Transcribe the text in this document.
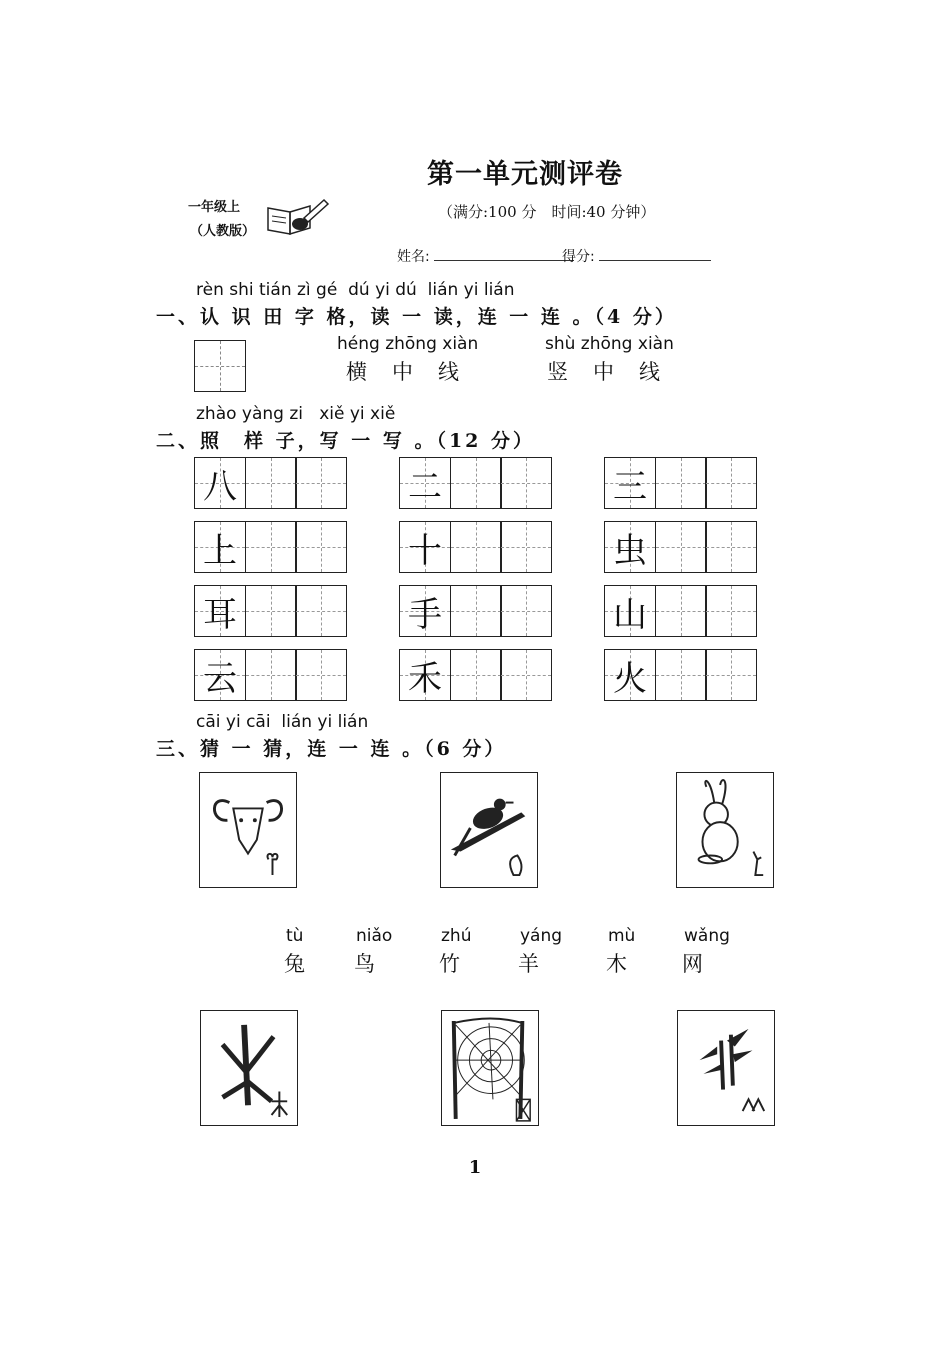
第一单元测评卷
一年级上
（人教版）
（满分:100 分　时间:40 分钟）
姓名:	得分:
rèn shi tián zì gé  dú yi dú  lián yi lián
一、认 识 田 字 格，读 一 读，连 一 连 。（4 分）
héng zhōng xiàn
横　中　线
shù zhōng xiàn
竖　中　线
zhào yàng zi   xiě yi xiě
二、照　样 子，写 一 写 。（12 分）
八	二	三
上	十	虫
耳	手	山
云	禾	火
cāi yi cāi  lián yi lián
三、猜 一 猜，连 一 连 。（6 分）
tù
兔
niǎo
鸟
zhú
竹
yáng
羊
mù
木
wǎng
网
1
